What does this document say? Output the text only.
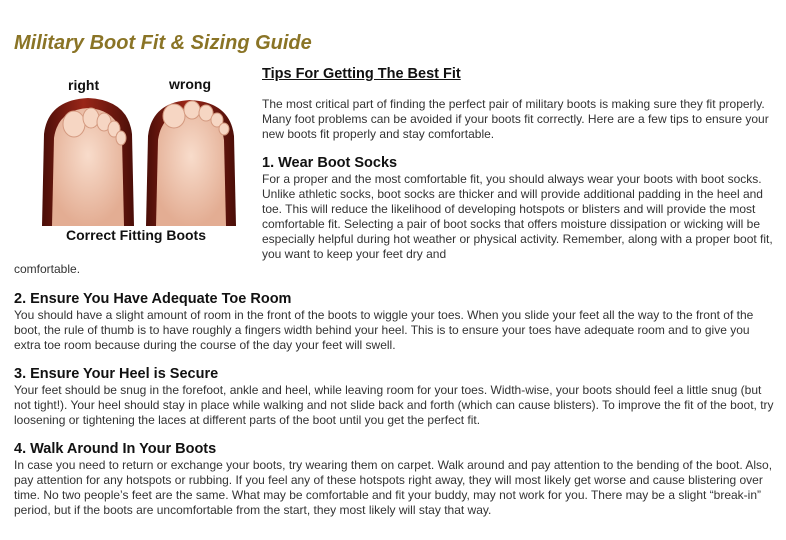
Military Boot Fit & Sizing Guide
right	wrong
Correct Fitting Boots
Tips For Getting The Best Fit

The most critical part of finding the perfect pair of military boots is making sure they fit properly. Many foot problems can be avoided if your boots fit correctly. Here are a few tips to ensure your new boots fit properly and stay comfortable.

1. Wear Boot Socks

For a proper and the most comfortable fit, you should always wear your boots with boot socks. Unlike athletic socks, boot socks are thicker and will provide additional padding in the heel and toe. This will reduce the likelihood of developing hotspots or blisters and will provide the most comfortable fit. Selecting a pair of boot socks that offers moisture dissipation or wicking will be especially helpful during hot weather or physical activity. Remember, along with a proper boot fit, you want to keep your feet dry and

comfortable.

2. Ensure You Have Adequate Toe Room

You should have a slight amount of room in the front of the boots to wiggle your toes. When you slide your feet all the way to the front of the boot, the rule of thumb is to have roughly a fingers width behind your heel. This is to ensure your toes have adequate room and to give you extra toe room because during the course of the day your feet will swell.

3. Ensure Your Heel is Secure

Your feet should be snug in the forefoot, ankle and heel, while leaving room for your toes. Width-wise, your boots should feel a little snug (but not tight!). Your heel should stay in place while walking and not slide back and forth (which can cause blisters). To improve the fit of the boot, try loosening or tightening the laces at different parts of the boot until you get the perfect fit.

4. Walk Around In Your Boots

In case you need to return or exchange your boots, try wearing them on carpet. Walk around and pay attention to the bending of the boot. Also, pay attention for any hotspots or rubbing. If you feel any of these hotspots right away, they will most likely get worse and cause blistering over time. No two people’s feet are the same. What may be comfortable and fit your buddy, may not work for you. There may be a slight “break-in” period, but if the boots are uncomfortable from the start, they most likely will stay that way.
